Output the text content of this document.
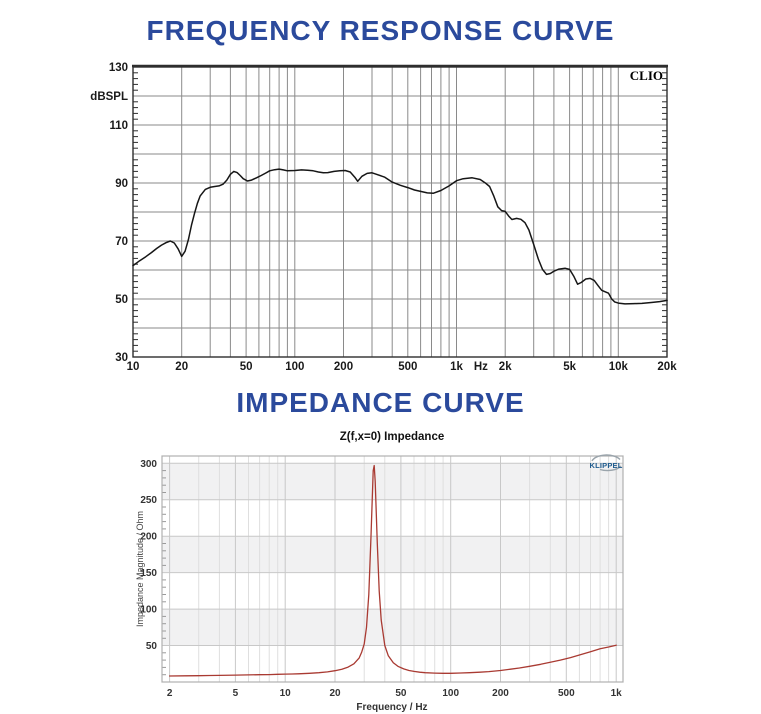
FREQUENCY RESPONSE CURVE
130
110
90
70
50
30
dBSPL
10	20	50	100	200	500	1k	2k	5k	10k	20k
Hz
CLIO
IMPEDANCE CURVE
50
100
150
200
250
300
2	5	10	20	50	100	200	500	1k
Z(f,x=0) Impedance
Frequency / Hz
Impedance Magnitude / Ohm
KLIPPEL
